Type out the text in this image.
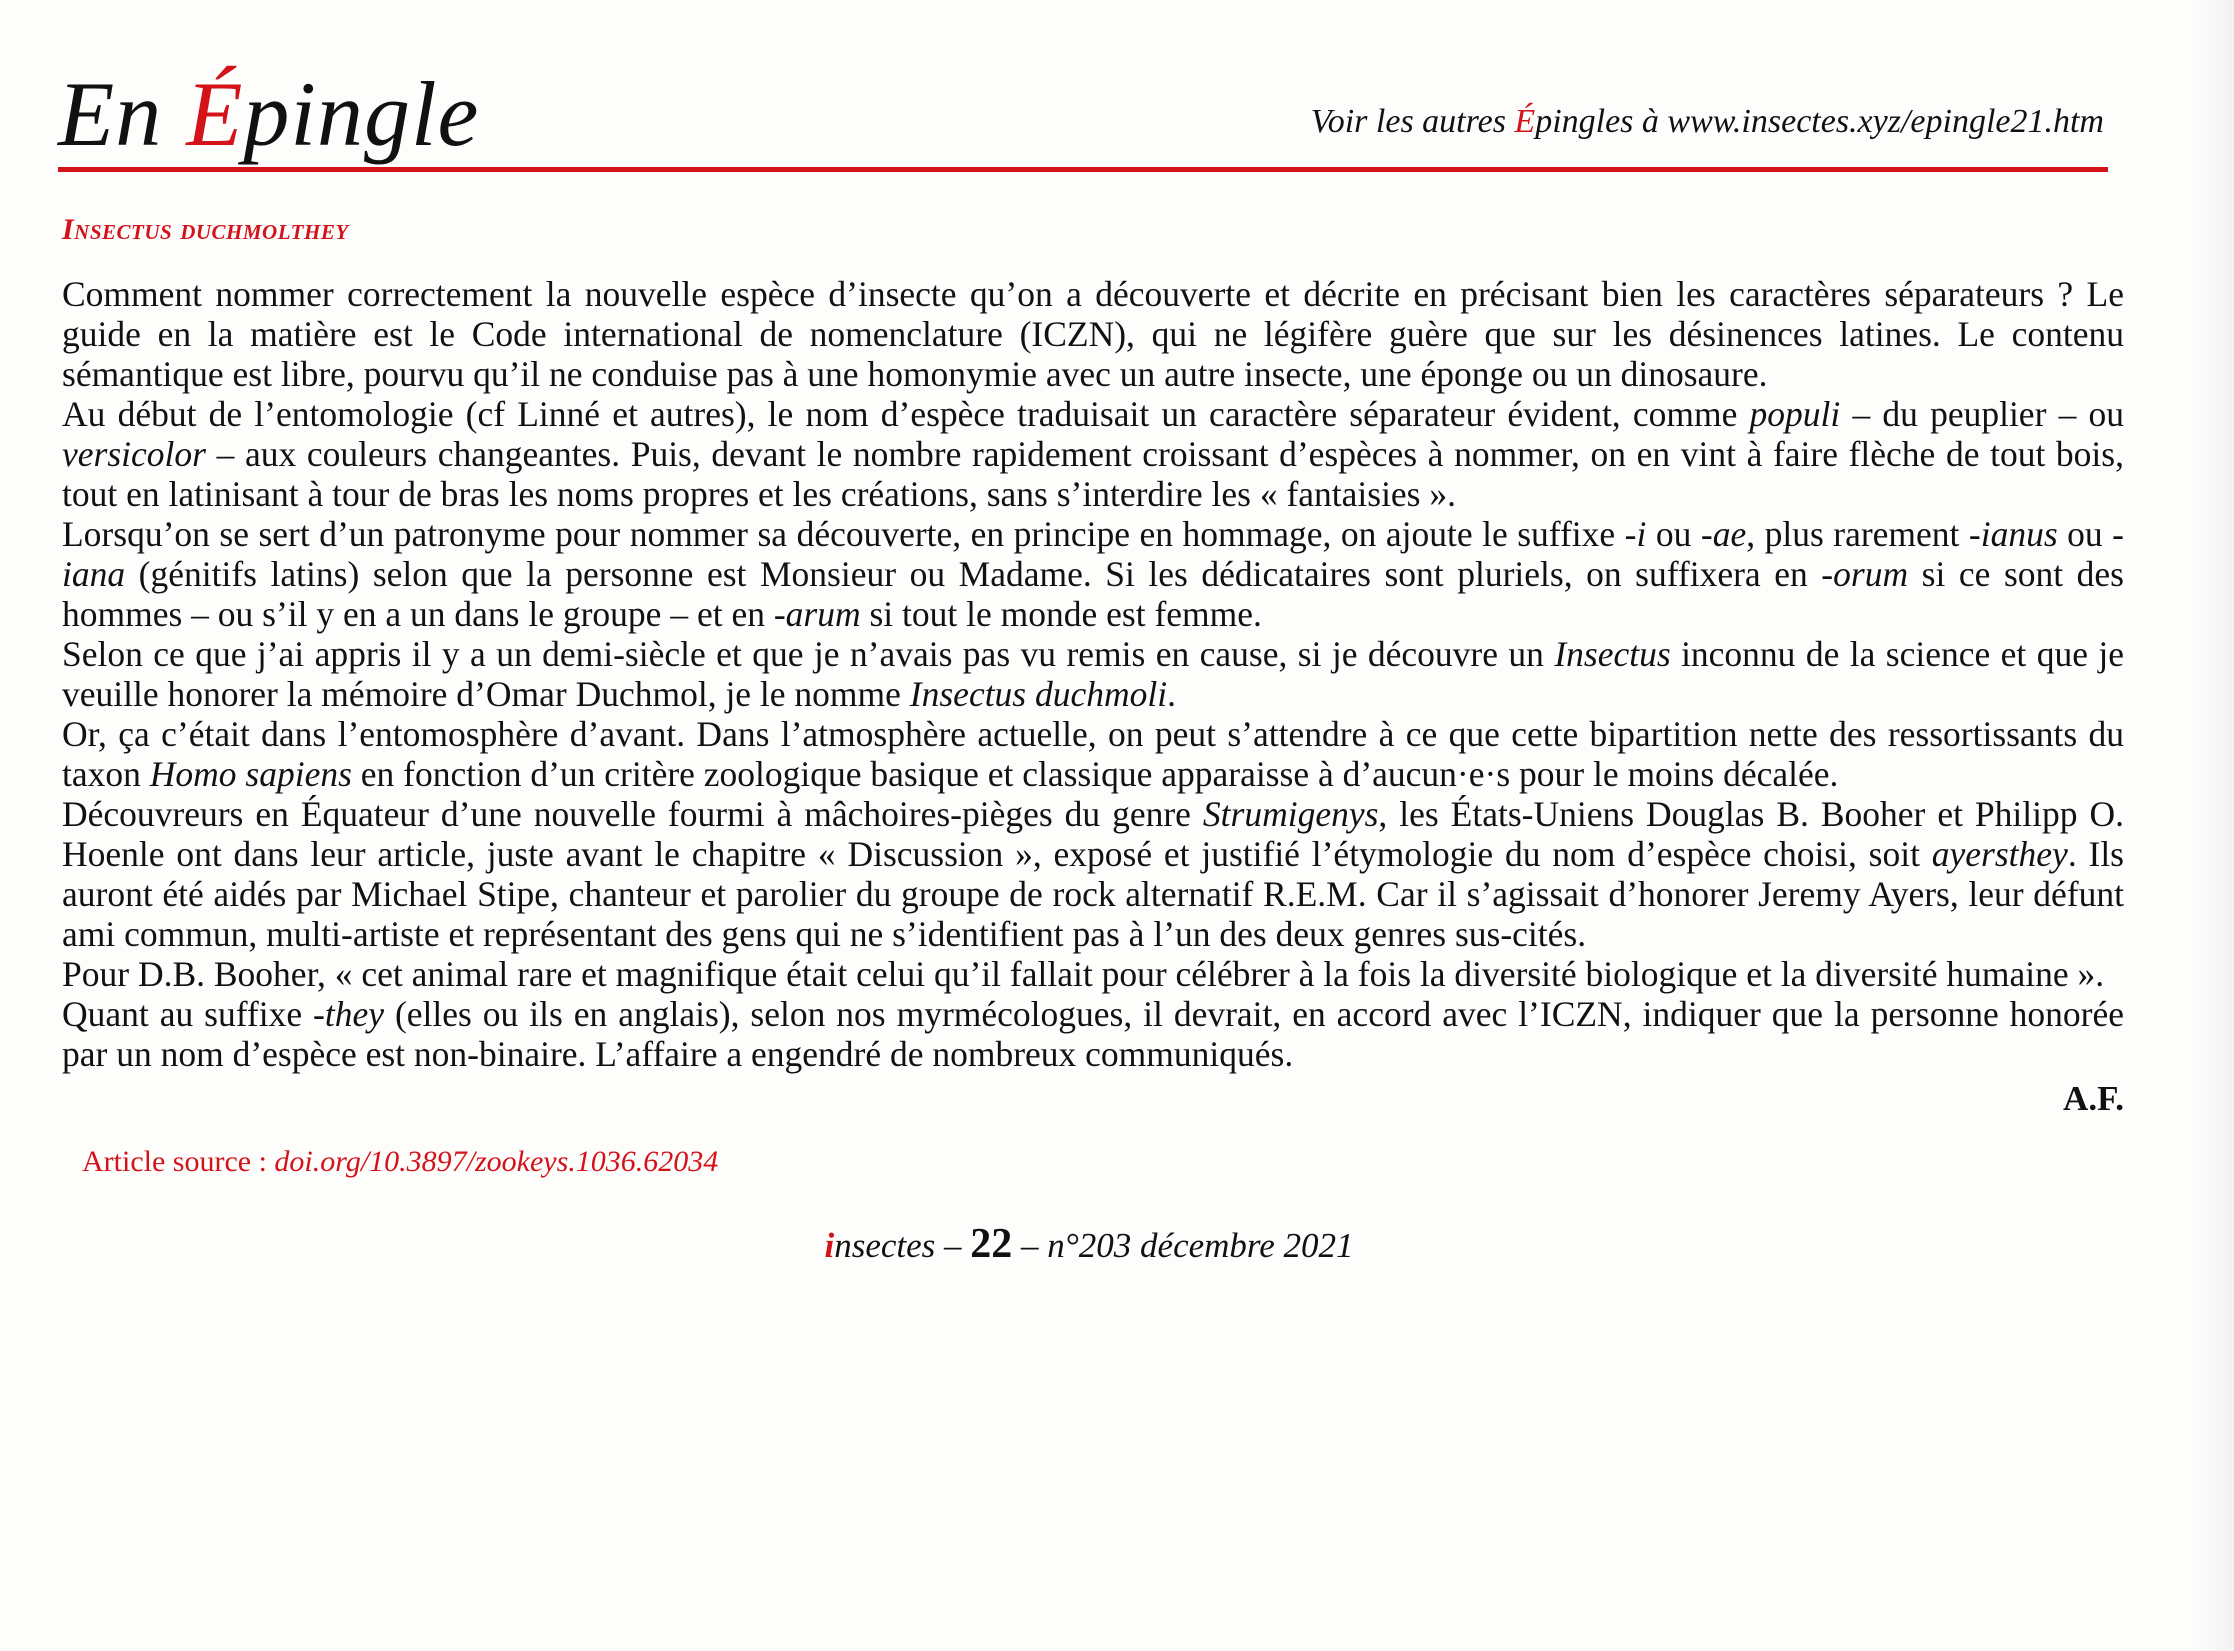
En Épingle	Voir les autres Épingles à www.insectes.xyz/epingle21.htm
Insectus duchmolthey

Comment nommer correctement la nouvelle espèce d’insecte qu’on a découverte et décrite en précisant bien les caractères séparateurs ? Le guide en la matière est le Code international de nomenclature (ICZN), qui ne légifère guère que sur les désinences latines. Le contenu sémantique est libre, pourvu qu’il ne conduise pas à une homonymie avec un autre insecte, une éponge ou un dinosaure.

Au début de l’entomologie (cf Linné et autres), le nom d’espèce traduisait un caractère séparateur évident, comme populi – du peuplier – ou versicolor – aux couleurs changeantes. Puis, devant le nombre rapidement croissant d’espèces à nommer, on en vint à faire flèche de tout bois, tout en latinisant à tour de bras les noms propres et les créations, sans s’interdire les « fantaisies ».

Lorsqu’on se sert d’un patronyme pour nommer sa découverte, en principe en hommage, on ajoute le suffixe -i ou -ae, plus rarement -ianus ou -iana (génitifs latins) selon que la personne est Monsieur ou Madame. Si les dédicataires sont pluriels, on suffixera en -orum si ce sont des hommes – ou s’il y en a un dans le groupe – et en -arum si tout le monde est femme.

Selon ce que j’ai appris il y a un demi-siècle et que je n’avais pas vu remis en cause, si je découvre un Insectus inconnu de la science et que je veuille honorer la mémoire d’Omar Duchmol, je le nomme Insectus duchmoli.

Or, ça c’était dans l’entomosphère d’avant. Dans l’atmosphère actuelle, on peut s’attendre à ce que cette bipartition nette des ressortissants du taxon Homo sapiens en fonction d’un critère zoologique basique et classique apparaisse à d’aucun·e·s pour le moins décalée.

Découvreurs en Équateur d’une nouvelle fourmi à mâchoires-pièges du genre Strumigenys, les États-Uniens Douglas B. Booher et Philipp O. Hoenle ont dans leur article, juste avant le chapitre « Discussion », exposé et justifié l’étymologie du nom d’espèce choisi, soit ayersthey. Ils auront été aidés par Michael Stipe, chanteur et parolier du groupe de rock alternatif R.E.M. Car il s’agissait d’honorer Jeremy Ayers, leur défunt ami commun, multi-artiste et représentant des gens qui ne s’identifient pas à l’un des deux genres sus-cités.

Pour D.B. Booher, « cet animal rare et magnifique était celui qu’il fallait pour célébrer à la fois la diversité biologique et la diversité humaine ».

Quant au suffixe -they (elles ou ils en anglais), selon nos myrmécologues, il devrait, en accord avec l’ICZN, indiquer que la personne honorée par un nom d’espèce est non-binaire. L’affaire a engendré de nombreux communiqués.

A.F.
Article source : doi.org/10.3897/zookeys.1036.62034
insectes – 22 – n°203 décembre 2021
